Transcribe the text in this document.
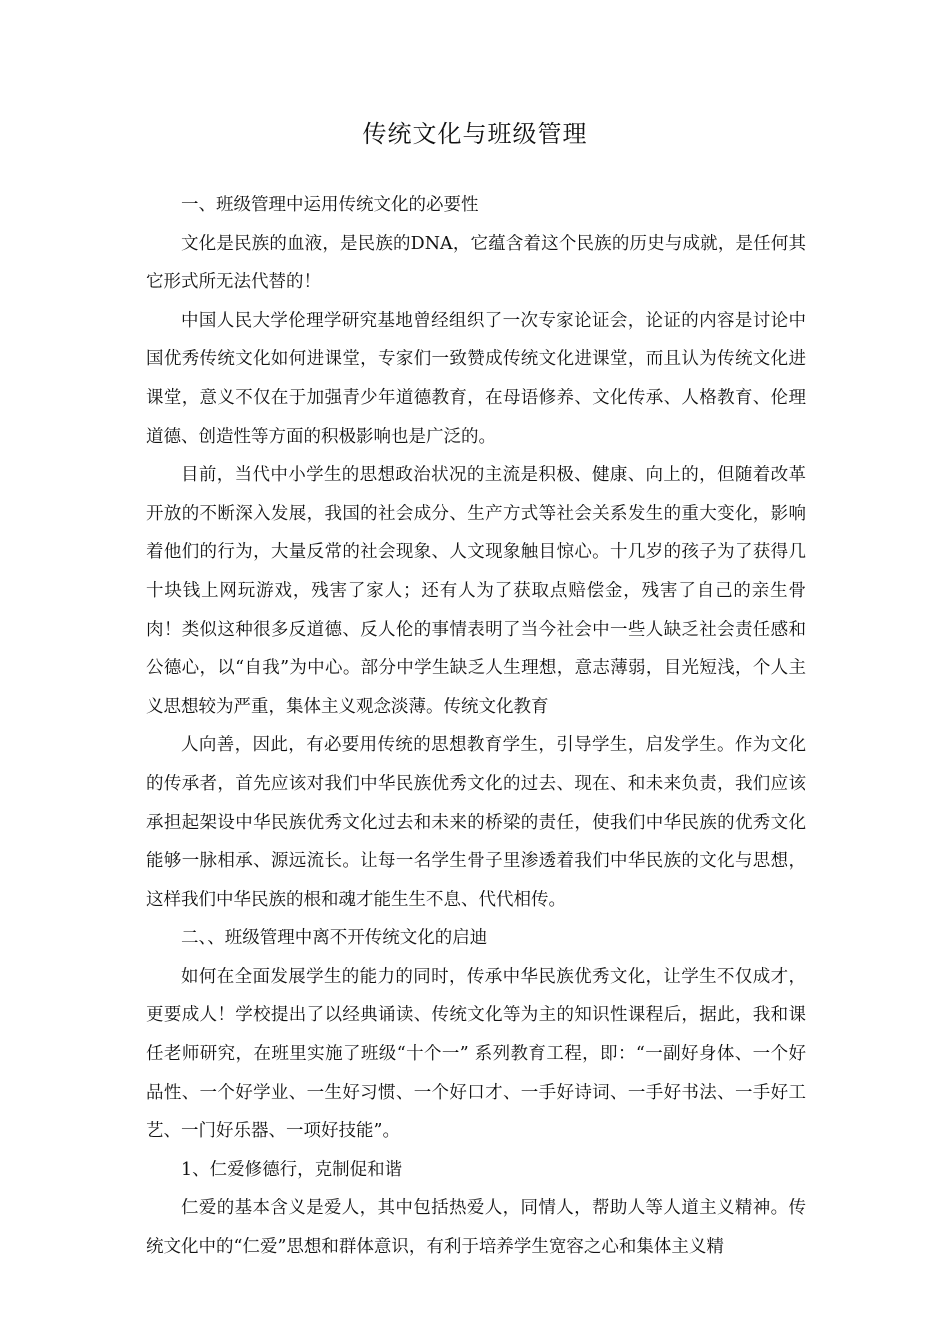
传统文化与班级管理

一、班级管理中运用传统文化的必要性

文化是民族的血液，是民族的DNA，它蕴含着这个民族的历史与成就，是任何其它形式所无法代替的！

中国人民大学伦理学研究基地曾经组织了一次专家论证会，论证的内容是讨论中国优秀传统文化如何进课堂，专家们一致赞成传统文化进课堂，而且认为传统文化进课堂，意义不仅在于加强青少年道德教育，在母语修养、文化传承、人格教育、伦理道德、创造性等方面的积极影响也是广泛的。

目前，当代中小学生的思想政治状况的主流是积极、健康、向上的，但随着改革开放的不断深入发展，我国的社会成分、生产方式等社会关系发生的重大变化，影响着他们的行为，大量反常的社会现象、人文现象触目惊心。十几岁的孩子为了获得几十块钱上网玩游戏，残害了家人；还有人为了获取点赔偿金，残害了自己的亲生骨肉！类似这种很多反道德、反人伦的事情表明了当今社会中一些人缺乏社会责任感和公德心，以“自我”为中心。部分中学生缺乏人生理想，意志薄弱，目光短浅，个人主义思想较为严重，集体主义观念淡薄。传统文化教育

人向善，因此，有必要用传统的思想教育学生，引导学生，启发学生。作为文化的传承者，首先应该对我们中华民族优秀文化的过去、现在、和未来负责，我们应该承担起架设中华民族优秀文化过去和未来的桥梁的责任，使我们中华民族的优秀文化能够一脉相承、源远流长。让每一名学生骨子里渗透着我们中华民族的文化与思想，这样我们中华民族的根和魂才能生生不息、代代相传。

二、、班级管理中离不开传统文化的启迪

如何在全面发展学生的能力的同时，传承中华民族优秀文化，让学生不仅成才，更要成人！学校提出了以经典诵读、传统文化等为主的知识性课程后，据此，我和课任老师研究，在班里实施了班级“十个一” 系列教育工程，即：“一副好身体、一个好品性、一个好学业、一生好习惯、一个好口才、一手好诗词、一手好书法、一手好工艺、一门好乐器、一项好技能”。

1、仁爱修德行，克制促和谐

仁爱的基本含义是爱人，其中包括热爱人，同情人，帮助人等人道主义精神。传统文化中的“仁爱”思想和群体意识，有利于培养学生宽容之心和集体主义精
